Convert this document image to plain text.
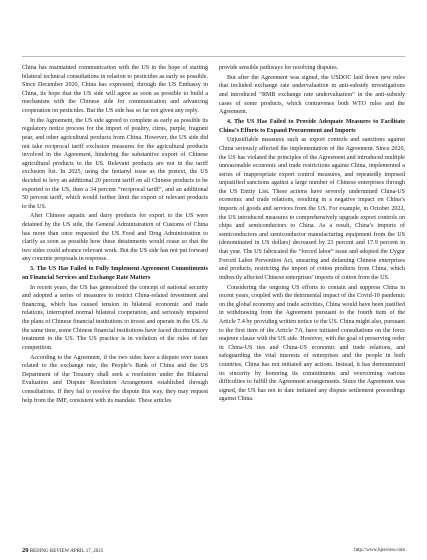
China has maintained communication with the US in the hope of starting bilateral technical consultations in relation to pesticides as early as possible. Since December 2020, China has expressed, through the US Embassy in China, its hope that the US side will agree as soon as possible to build a mechanism with the Chinese side for communication and advancing cooperation on pesticides. But the US side has so far not given any reply.

In the Agreement, the US side agreed to complete as early as possible its regulatory notice process for the import of poultry, citrus, purple, fragrant pear, and other agricultural products from China. However, the US side did not take reciprocal tariff exclusion measures for the agricultural products involved in the Agreement, hindering the substantive export of Chinese agricultural products to the US. Relevant products are not in the tariff exclusion list. In 2025, using the fentanyl issue as the pretext, the US decided to levy an additional 20 percent tariff on all Chinese products to be exported to the US, then a 34 percent “reciprocal tariff”, and an additional 50 percent tariff, which would further limit the export of relevant products to the US.

After Chinese aquatic and dairy products for export to the US were detained by the US side, the General Administration of Customs of China has more than once requested the US Food and Drug Administration to clarify as soon as possible how these detainments would cease so that the two sides could advance relevant work. But the US side has not put forward any concrete proposals in response.

3. The US Has Failed to Fully Implement Agreement Commitments on Financial Services and Exchange Rate Matters

In recent years, the US has generalized the concept of national security and adopted a series of measures to restrict China-related investment and financing, which has caused tension in bilateral economic and trade relations, interrupted normal bilateral cooperation, and seriously impaired the plans of Chinese financial institutions to invest and operate in the US. At the same time, some Chinese financial institutions have faced discriminatory treatment in the US. The US practice is in violation of the rules of fair competition.

According to the Agreement, if the two sides have a dispute over issues related to the exchange rate, the People’s Bank of China and the US Department of the Treasury shall seek a resolution under the Bilateral Evaluation and Dispute Resolution Arrangement established through consultations. If they fail to resolve the dispute this way, they may request help from the IMF, consistent with its mandate. These articles

provide sensible pathways for resolving disputes.

But after the Agreement was signed, the USDOC laid down new rules that included exchange rate undervaluation in anti-subsidy investigations and introduced “RMB exchange rate undervaluation” in the anti-subsidy cases of some products, which contravenes both WTO rules and the Agreement.

4. The US Has Failed to Provide Adequate Measures to Facilitate China’s Efforts to Expand Procurement and Imports

Unjustifiable measures such as export controls and sanctions against China seriously affected the implementation of the Agreement. Since 2020, the US has violated the principles of the Agreement and introduced multiple unreasonable economic and trade restrictions against China, implemented a series of inappropriate export control measures, and repeatedly imposed unjustified sanctions against a large number of Chinese enterprises through the US Entity List. These actions have severely undermined China-US economic and trade relations, resulting in a negative impact on China’s imports of goods and services from the US. For example, in October 2022, the US introduced measures to comprehensively upgrade export controls on chips and semiconductors to China. As a result, China’s imports of semiconductors and semiconductor manufacturing equipment from the US (denominated in US dollars) decreased by 23 percent and 17.9 percent in that year. The US fabricated the “forced labor” issue and adopted the Uygur Forced Labor Prevention Act, smearing and defaming Chinese enterprises and products, restricting the import of cotton products from China, which indirectly affected Chinese enterprises’ imports of cotton from the US.

Considering the ongoing US efforts to contain and suppress China in recent years, coupled with the detrimental impact of the Covid-19 pandemic on the global economy and trade activities, China would have been justified in withdrawing from the Agreement pursuant to the fourth item of the Article 7.4 by providing written notice to the US. China might also, pursuant to the first item of the Article 7.6, have initiated consultations on the force majeure clause with the US side. However, with the goal of preserving order in China-US ties and China-US economic and trade relations, and safeguarding the vital interests of enterprises and the people in both countries, China has not initiated any actions. Instead, it has demonstrated its sincerity by honoring its commitments and overcoming various difficulties to fulfill the Agreement arrangements. Since the Agreement was signed, the US has not to date initiated any dispute settlement proceedings against China.

20 BEIJING REVIEW APRIL 17, 2025	http://www.bjreview.com
